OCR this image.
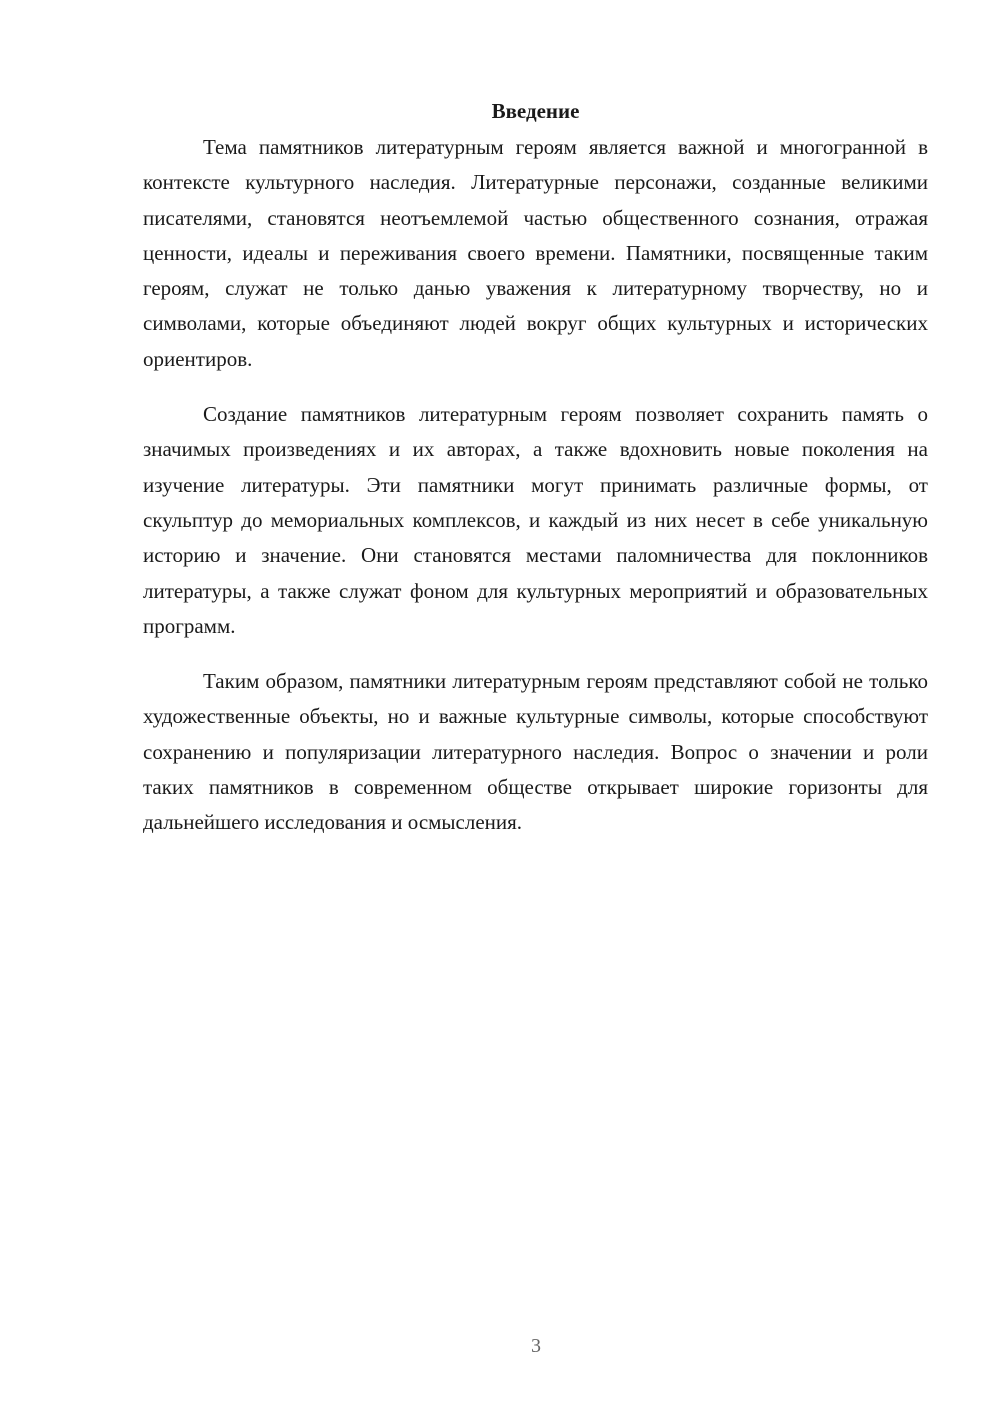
Введение

Тема памятников литературным героям является важной и многогранной в контексте культурного наследия. Литературные персонажи, созданные великими писателями, становятся неотъемлемой частью общественного сознания, отражая ценности, идеалы и переживания своего времени. Памятники, посвященные таким героям, служат не только данью уважения к литературному творчеству, но и символами, которые объединяют людей вокруг общих культурных и исторических ориентиров.

Создание памятников литературным героям позволяет сохранить память о значимых произведениях и их авторах, а также вдохновить новые поколения на изучение литературы. Эти памятники могут принимать различные формы, от скульптур до мемориальных комплексов, и каждый из них несет в себе уникальную историю и значение. Они становятся местами паломничества для поклонников литературы, а также служат фоном для культурных мероприятий и образовательных программ.

Таким образом, памятники литературным героям представляют собой не только художественные объекты, но и важные культурные символы, которые способствуют сохранению и популяризации литературного наследия. Вопрос о значении и роли таких памятников в современном обществе открывает широкие горизонты для дальнейшего исследования и осмысления.

3
